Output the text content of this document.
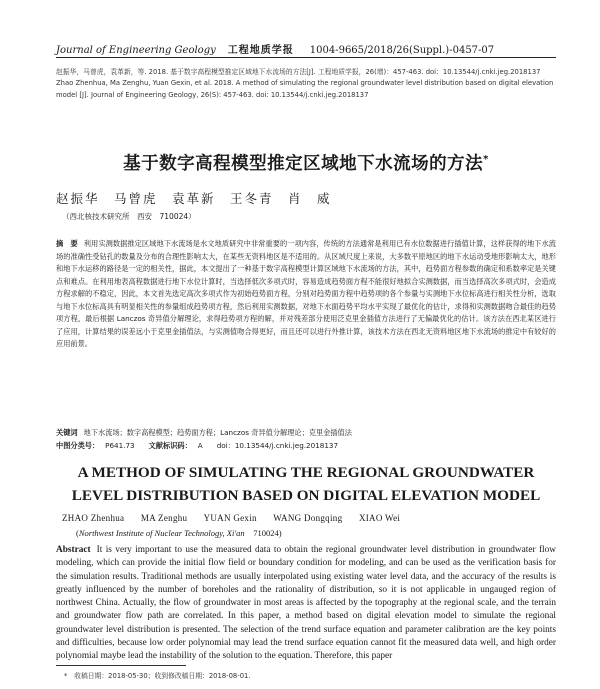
Journal of Engineering Geology 工程地质学报 1004-9665/2018/26(Suppl.)-0457-07

赵振华，马曾虎，袁革新，等. 2018. 基于数字高程模型推定区域地下水流场的方法[J]. 工程地质学报，26(增)：457-463. doi：10.13544/j.cnki.jeg.2018137

Zhao Zhenhua, Ma Zenghu, Yuan Gexin, et al. 2018. A method of simulating the regional groundwater level distribution based on digital elevation model [J]. Journal of Engineering Geology, 26(S): 457-463. doi: 10.13544/j.cnki.jeg.2018137

基于数字高程模型推定区域地下水流场的方法*
赵振华　马曾虎　袁革新　王冬青　肖　威
（西北核技术研究所　西安　710024）
摘　要 利用实测数据推定区域地下水流场是水文地质研究中非常重要的一项内容，传统的方法通常是利用已有水位数据进行插值计算，这样获得的地下水流场的准确性受钻孔的数量及分布的合理性影响太大，在某些无资料地区是不适用的。从区域尺度上来说，大多数平原地区的地下水运动受地形影响太大，地形和地下水运移的路径是一定的相关性，据此，本文提出了一种基于数字高程模型计算区域地下水流场的方法，其中，趋势面方程参数的确定和系数率定是关键点和难点。在利用地表高程数据进行地下水位计算时，当选择低次多项式时，容易造成趋势面方程不能很好地拟合实测数据，而当选择高次多项式时，会造成方程求解的不稳定，因此，本文首先选定高次多项式作为初始趋势面方程，分别对趋势面方程中趋势项的各个参量与实测地下水位标高进行相关性分析，选取与地下水位标高具有明显相关性的参量组成趋势项方程，然后利用实测数据，对地下水面趋势平均水平实现了最优化的估计，求得和实测数据吻合最佳的趋势项方程，最后根据 Lanczos 奇异值分解理论，求得趋势项方程的解，并对残差部分使用泛克里金插值方法进行了无偏最优化的估计。该方法在西北某区进行了应用，计算结果的误差远小于克里金插值法，与实测值吻合得更好，而且还可以进行外推计算，该技术方法在西北无资料地区地下水流场的推定中有较好的应用前景。
关键词 地下水流场；数字高程模型；趋势面方程；Lanczos 奇异值分解理论；克里金插值法
中图分类号： P641.73 文献标识码： A doi：10.13544/j.cnki.jeg.2018137
A METHOD OF SIMULATING THE REGIONAL GROUNDWATER LEVEL DISTRIBUTION BASED ON DIGITAL ELEVATION MODEL
ZHAO Zhenhua MA Zenghu YUAN Gexin WANG Dongqing XIAO Wei
(Northwest Institute of Nuclear Technology, Xi'an　 710024)
Abstract It is very important to use the measured data to obtain the regional groundwater level distribution in groundwater flow modeling, which can provide the initial flow field or boundary condition for modeling, and can be used as the verification basis for the simulation results. Traditional methods are usually interpolated using existing water level data, and the accuracy of the results is greatly influenced by the number of boreholes and the rationality of distribution, so it is not applicable in ungauged region of northwest China. Actually, the flow of groundwater in most areas is affected by the topography at the regional scale, and the terrain and groundwater flow path are correlated. In this paper, a method based on digital elevation model to simulate the regional groundwater level distribution is presented. The selection of the trend surface equation and parameter calibration are the key points and difficulties, because low order polynomial may lead the trend surface equation cannot fit the measured data well, and high order polynomial maybe lead the instability of the solution to the equation. Therefore, this paper
*　收稿日期：2018-05-30；收到修改稿日期：2018-08-01.
